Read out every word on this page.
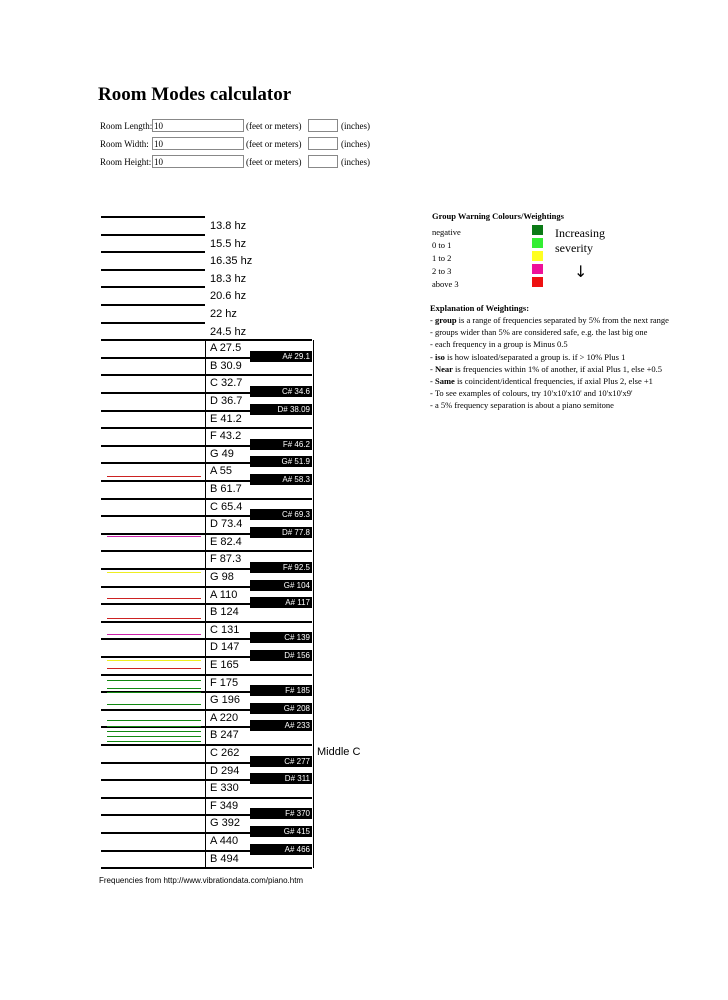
Room Modes calculator
Room Length:
10	(feet or meters)	(inches)
Room Width:
10	(feet or meters)	(inches)
Room Height:
10	(feet or meters)	(inches)
13.8 hz
15.5 hz
16.35 hz
18.3 hz
20.6 hz
22 hz
24.5 hz
A 27.5
B 30.9
C 32.7
D 36.7
E 41.2
F 43.2
G 49
A 55
B 61.7
C 65.4
D 73.4
E 82.4
F 87.3
G 98
A 110
B 124
C 131
D 147
E 165
F 175
G 196
A 220
B 247
C 262
D 294
E 330
F 349
G 392
A 440
B 494
A# 29.1
C# 34.6
D# 38.09
F# 46.2
G# 51.9
A# 58.3
C# 69.3
D# 77.8
F# 92.5
G# 104
A# 117
C# 139
D# 156
F# 185
G# 208
A# 233
C# 277
D# 311
F# 370
G# 415
A# 466
Middle C
Frequencies from http://www.vibrationdata.com/piano.htm
Group Warning Colours/Weightings
negative
0 to 1
1 to 2
2 to 3
above 3
Increasing severity
↓
Explanation of Weightings:
- group is a range of frequencies separated by 5% from the next range
- groups wider than 5% are considered safe, e.g. the last big one
- each frequency in a group is Minus 0.5
- iso is how isloated/separated a group is. if > 10% Plus 1
- Near is frequencies within 1% of another, if axial Plus 1, else +0.5
- Same is coincident/identical frequencies, if axial Plus 2, else +1
- To see examples of colours, try 10'x10'x10' and 10'x10'x9'
- a 5% frequency separation is about a piano semitone
